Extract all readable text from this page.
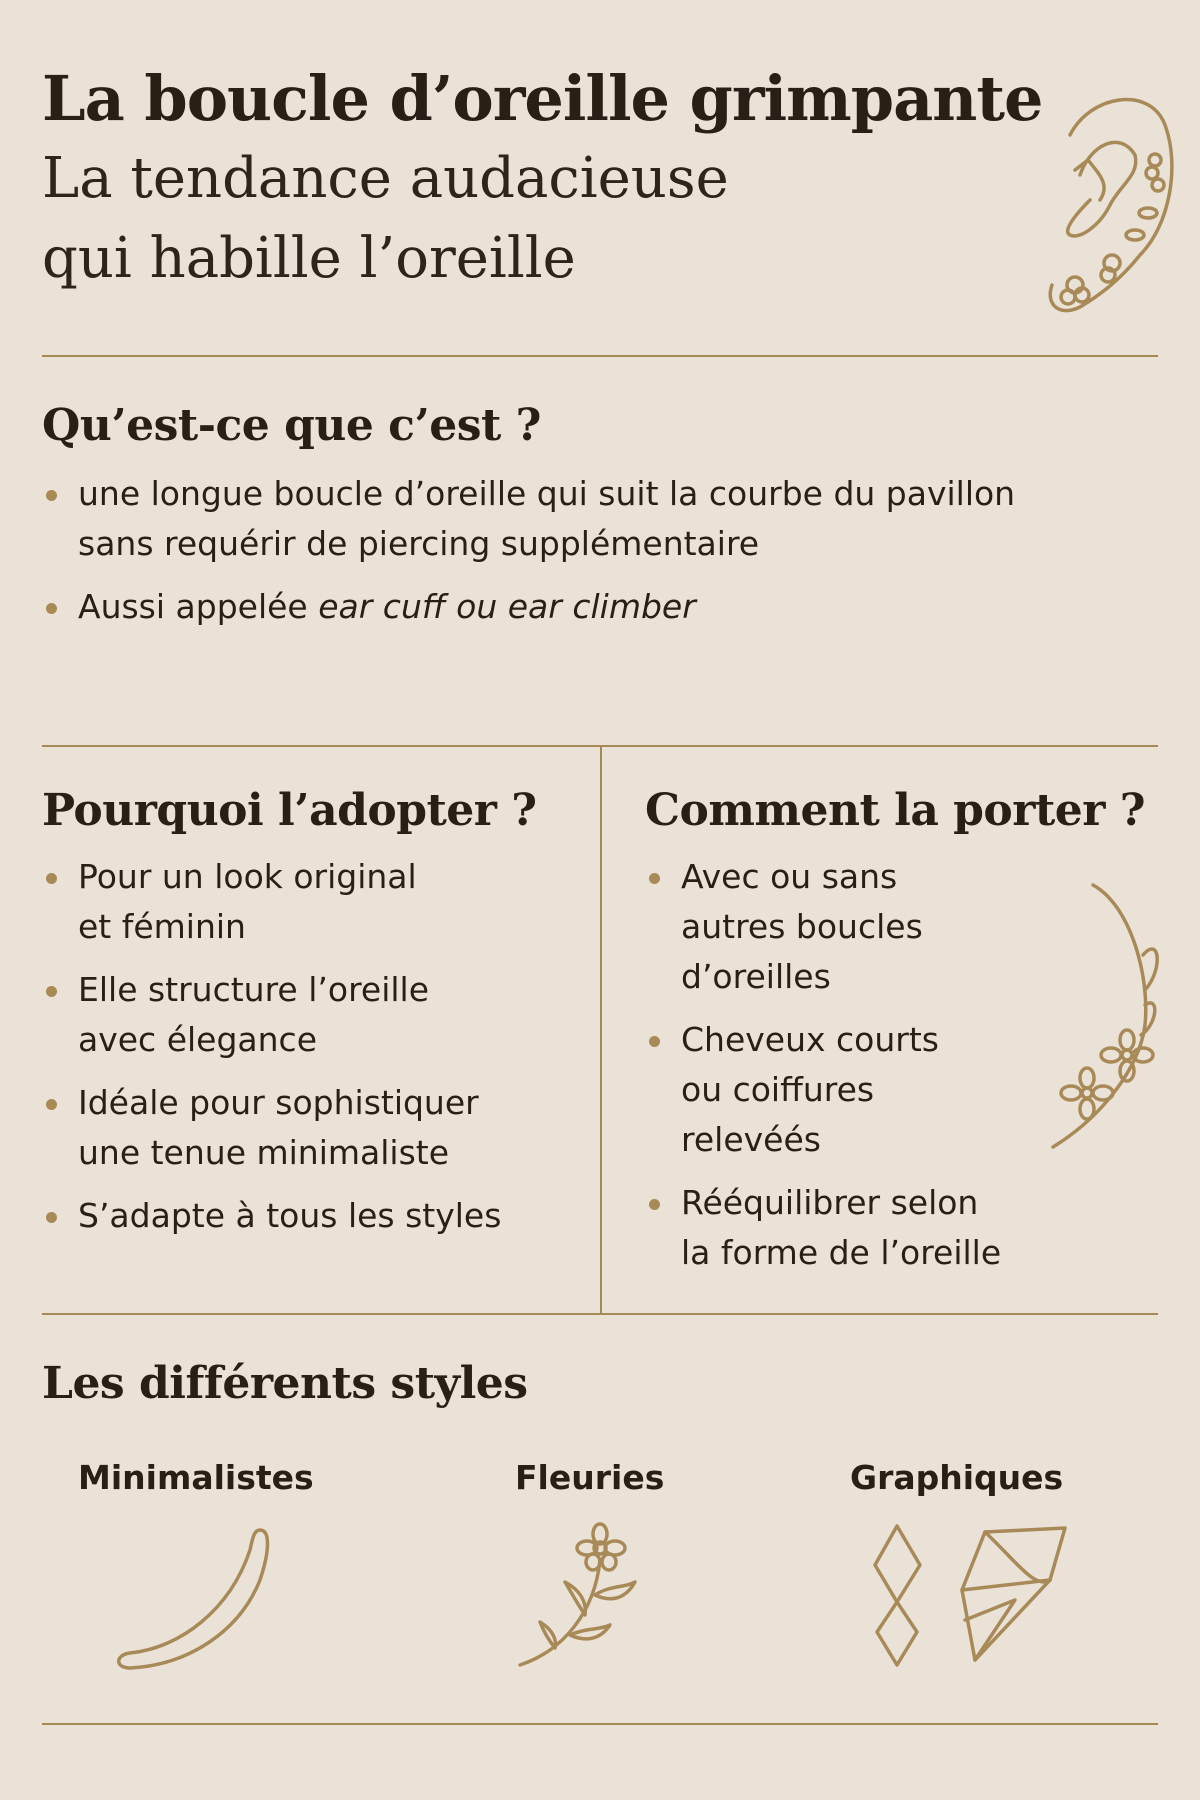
La boucle d’oreille grimpante
La tendance audacieuse
qui habille l’oreille
Qu’est-ce que c’est ?
une longue boucle d’oreille qui suit la courbe du pavillon
sans requérir de piercing supplémentaire
Aussi appelée ear cuff ou ear climber
Pourquoi l’adopter ?
Pour un look original
et féminin
Elle structure l’oreille
avec élegance
Idéale pour sophistiquer
une tenue minimaliste
S’adapte à tous les styles
Comment la porter ?
Avec ou sans
autres boucles
d’oreilles
Cheveux courts
ou coiffures
relevéés
Rééquilibrer selon
la forme de l’oreille
Les différents styles
Minimalistes	Fleuries	Graphiques
